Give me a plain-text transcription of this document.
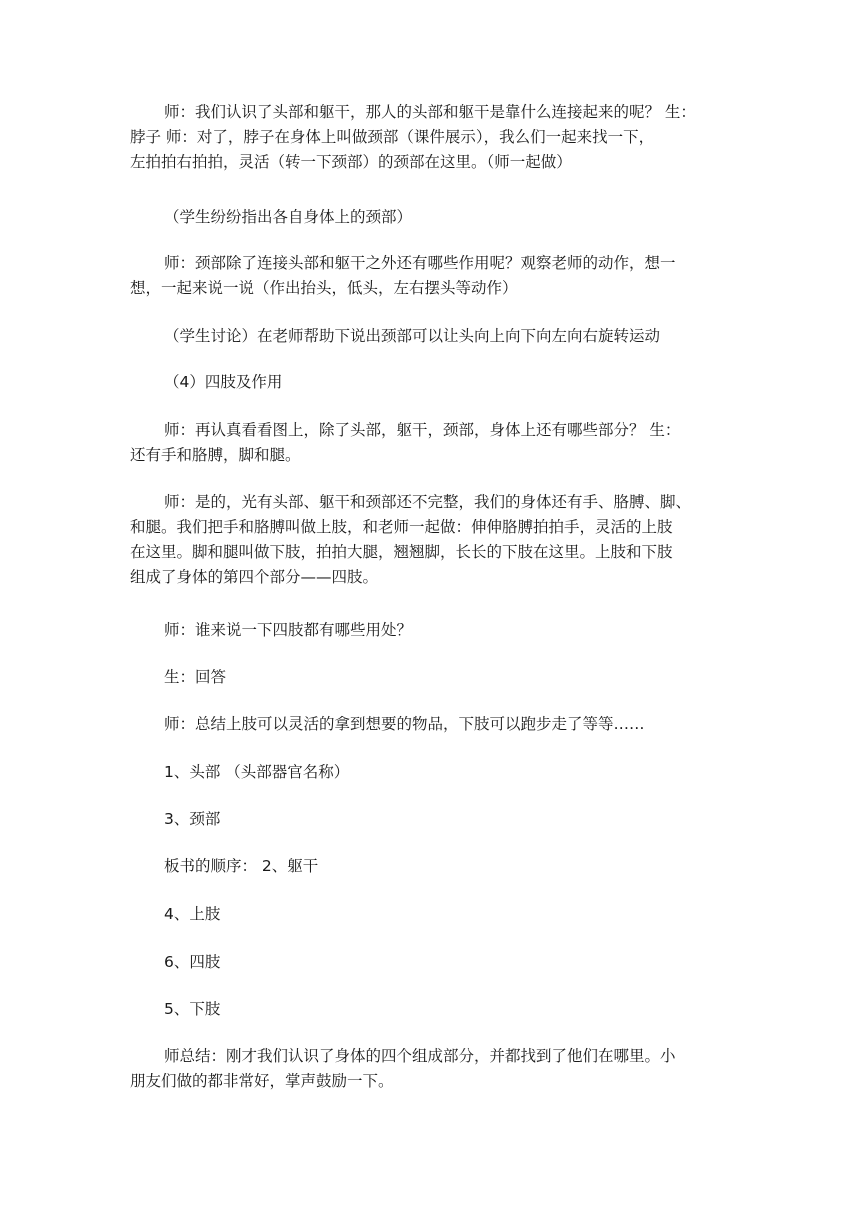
师：我们认识了头部和躯干，那人的头部和躯干是靠什么连接起来的呢？ 生：
脖子 师：对了，脖子在身体上叫做颈部（课件展示），我么们一起来找一下，
左拍拍右拍拍，灵活（转一下颈部）的颈部在这里。（师一起做）

（学生纷纷指出各自身体上的颈部）

师：颈部除了连接头部和躯干之外还有哪些作用呢？观察老师的动作，想一
想，一起来说一说（作出抬头，低头，左右摆头等动作）

（学生讨论）在老师帮助下说出颈部可以让头向上向下向左向右旋转运动

（4）四肢及作用

师：再认真看看图上，除了头部，躯干，颈部，身体上还有哪些部分？ 生：
还有手和胳膊，脚和腿。

师：是的，光有头部、躯干和颈部还不完整，我们的身体还有手、胳膊、脚、
和腿。我们把手和胳膊叫做上肢，和老师一起做：伸伸胳膊拍拍手，灵活的上肢
在这里。脚和腿叫做下肢，拍拍大腿，翘翘脚，长长的下肢在这里。上肢和下肢
组成了身体的第四个部分——四肢。

师：谁来说一下四肢都有哪些用处？

生：回答

师：总结上肢可以灵活的拿到想要的物品，下肢可以跑步走了等等……

1、头部 （头部器官名称）

3、颈部

板书的顺序： 2、躯干

4、上肢

6、四肢

5、下肢

师总结：刚才我们认识了身体的四个组成部分，并都找到了他们在哪里。小
朋友们做的都非常好，掌声鼓励一下。
